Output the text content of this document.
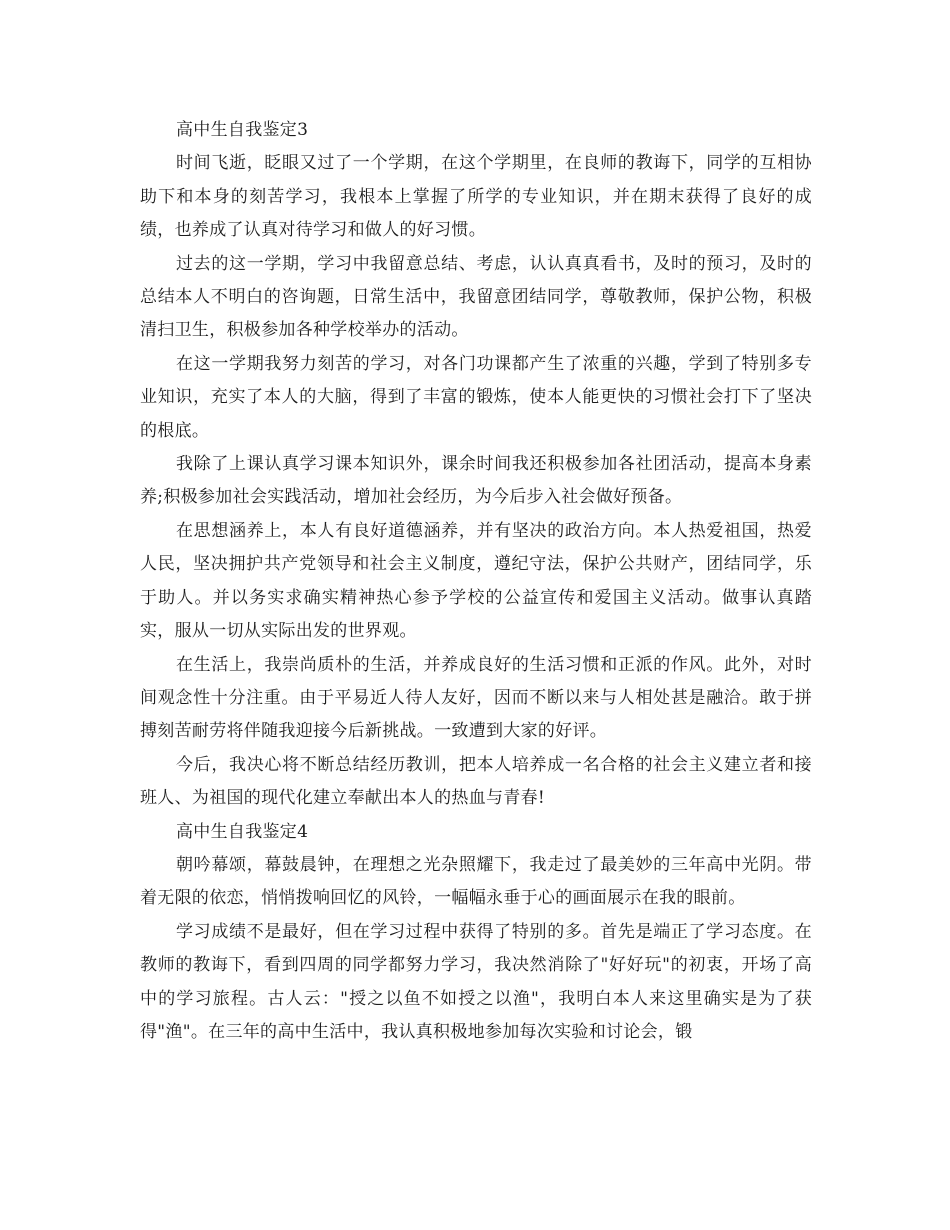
高中生自我鉴定3

时间飞逝，眨眼又过了一个学期，在这个学期里，在良师的教诲下，同学的互相协助下和本身的刻苦学习，我根本上掌握了所学的专业知识，并在期末获得了良好的成绩，也养成了认真对待学习和做人的好习惯。

过去的这一学期，学习中我留意总结、考虑，认认真真看书，及时的预习，及时的总结本人不明白的咨询题，日常生活中，我留意团结同学，尊敬教师，保护公物，积极清扫卫生，积极参加各种学校举办的活动。

在这一学期我努力刻苦的学习，对各门功课都产生了浓重的兴趣，学到了特别多专业知识，充实了本人的大脑，得到了丰富的锻炼，使本人能更快的习惯社会打下了坚决的根底。

我除了上课认真学习课本知识外，课余时间我还积极参加各社团活动，提高本身素养;积极参加社会实践活动，增加社会经历，为今后步入社会做好预备。

在思想涵养上，本人有良好道德涵养，并有坚决的政治方向。本人热爱祖国，热爱人民，坚决拥护共产党领导和社会主义制度，遵纪守法，保护公共财产，团结同学，乐于助人。并以务实求确实精神热心参予学校的公益宣传和爱国主义活动。做事认真踏实，服从一切从实际出发的世界观。

在生活上，我崇尚质朴的生活，并养成良好的生活习惯和正派的作风。此外，对时间观念性十分注重。由于平易近人待人友好，因而不断以来与人相处甚是融洽。敢于拼搏刻苦耐劳将伴随我迎接今后新挑战。一致遭到大家的好评。

今后，我决心将不断总结经历教训，把本人培养成一名合格的社会主义建立者和接班人、为祖国的现代化建立奉献出本人的热血与青春!

高中生自我鉴定4

朝吟幕颂，幕鼓晨钟，在理想之光杂照耀下，我走过了最美妙的三年高中光阴。带着无限的依恋，悄悄拨响回忆的风铃，一幅幅永垂于心的画面展示在我的眼前。

学习成绩不是最好，但在学习过程中获得了特别的多。首先是端正了学习态度。在教师的教诲下，看到四周的同学都努力学习，我决然消除了"好好玩"的初衷，开场了高中的学习旅程。古人云："授之以鱼不如授之以渔"，我明白本人来这里确实是为了获得"渔"。在三年的高中生活中，我认真积极地参加每次实验和讨论会，锻
